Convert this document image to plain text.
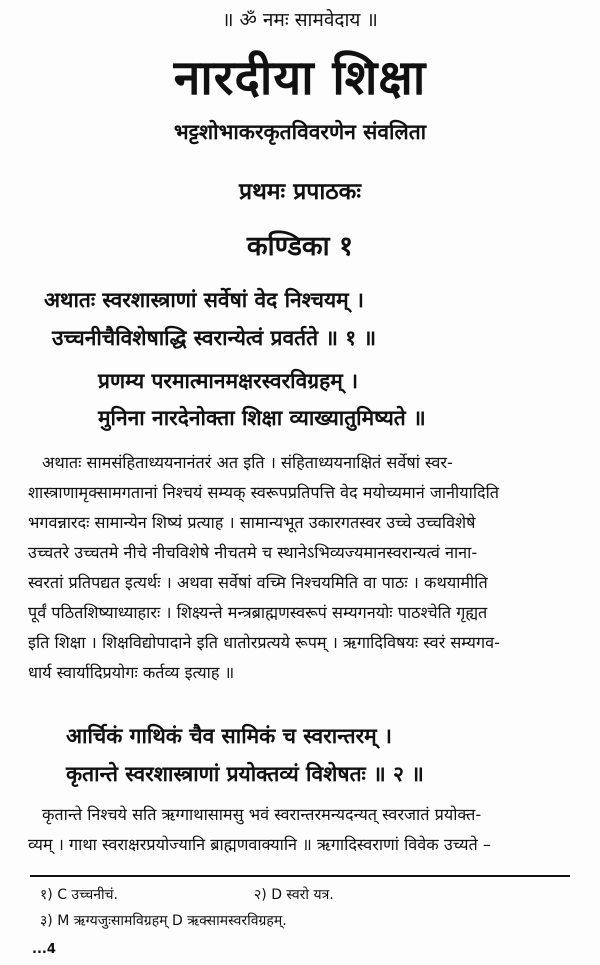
॥ ॐ नमः सामवेदाय ॥
नारदीया शिक्षा
भट्टशोभाकरकृतविवरणेन संवलिता
प्रथमः प्रपाठकः
कण्डिका १
अथातः स्वरशास्त्राणां सर्वेषां वेद निश्चयम् ।
उच्चनीचैविशेषाद्धि स्वरान्येत्वं प्रवर्तते ॥ १ ॥
प्रणम्य परमात्मानमक्षरस्वरविग्रहम् ।
मुनिना नारदेनोक्ता शिक्षा व्याख्यातुमिष्यते ॥
अथातः सामसंहिताध्ययनानंतरं अत इति । संहिताध्ययनाक्षितं सर्वेषां स्वर-
शास्त्राणामृक्सामगतानां निश्चयं सम्यक् स्वरूपप्रतिपत्ति वेद मयोच्यमानं जानीयादिति
भगवन्नारदः सामान्येन शिष्यं प्रत्याह । सामान्यभूत उकारगतस्वर उच्चे उच्चविशेषे
उच्चतरे उच्चतमे नीचे नीचविशेषे नीचतमे च स्थानेऽभिव्यज्यमानस्वरान्यत्वं नाना-
स्वरतां प्रतिपद्यत इत्यर्थः । अथवा सर्वेषां वच्मि निश्चयमिति वा पाठः । कथयामीति
पूर्वं पठितशिष्याध्याहारः । शिक्ष्यन्ते मन्त्रब्राह्मणस्वरूपं सम्यगनयोः पाठश्चेति गृह्यत
इति शिक्षा । शिक्षविद्योपादाने इति धातोरप्रत्यये रूपम् । ऋगादिविषयः स्वरं सम्यगव-
धार्य स्वार्यादिप्रयोगः कर्तव्य इत्याह ॥
आर्चिकं गाथिकं चैव सामिकं च स्वरान्तरम् ।
कृतान्ते स्वरशास्त्राणां प्रयोक्तव्यं विशेषतः ॥ २ ॥
कृतान्ते निश्चये सति ऋग्गाथासामसु भवं स्वरान्तरमन्यदन्यत् स्वरजातं प्रयोक्त-
व्यम् । गाथा स्वराक्षरप्रयोज्यानि ब्राह्मणवाक्यानि ॥ ऋगादिस्वराणां विवेक उच्यते –
१) C उच्चनीचं.	२) D स्वरो यत्र.
३) M ऋग्यजुःसामविग्रहम् D ऋक्सामस्वरविग्रहम्.
...4
